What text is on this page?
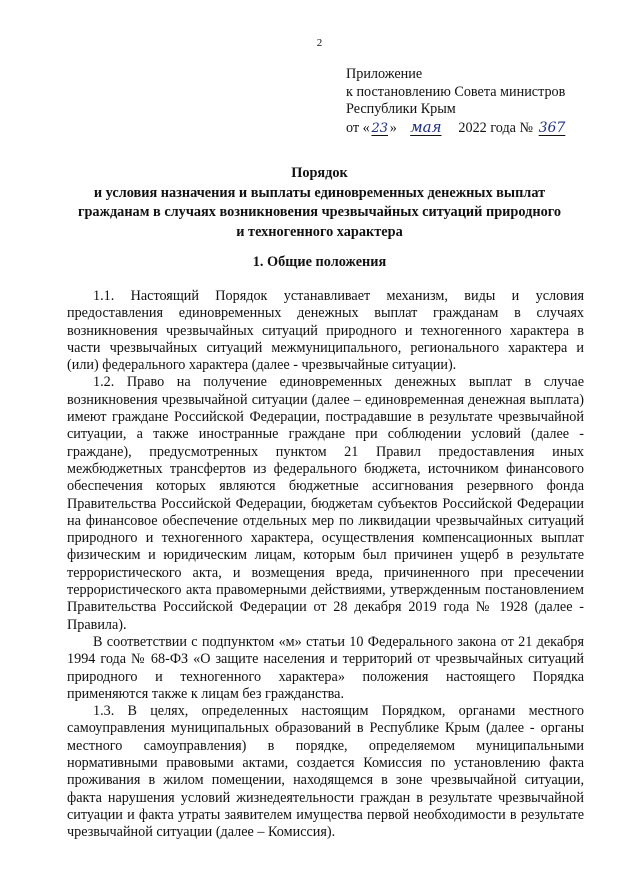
2
Приложение
к постановлению Совета министров
Республики Крым
от « 23 » мая 2022 года № 367
Порядок
и условия назначения и выплаты единовременных денежных выплат
гражданам в случаях возникновения чрезвычайных ситуаций природного
и техногенного характера
1. Общие положения

1.1. Настоящий Порядок устанавливает механизм, виды и условия предоставления единовременных денежных выплат гражданам в случаях возникновения чрезвычайных ситуаций природного и техногенного характера в части чрезвычайных ситуаций межмуниципального, регионального характера и (или) федерального характера (далее - чрезвычайные ситуации).

1.2. Право на получение единовременных денежных выплат в случае возникновения чрезвычайной ситуации (далее – единовременная денежная выплата) имеют граждане Российской Федерации, пострадавшие в результате чрезвычайной ситуации, а также иностранные граждане при соблюдении условий (далее - граждане), предусмотренных пунктом 21 Правил предоставления иных межбюджетных трансфертов из федерального бюджета, источником финансового обеспечения которых являются бюджетные ассигнования резервного фонда Правительства Российской Федерации, бюджетам субъектов Российской Федерации на финансовое обеспечение отдельных мер по ликвидации чрезвычайных ситуаций природного и техногенного характера, осуществления компенсационных выплат физическим и юридическим лицам, которым был причинен ущерб в результате террористического акта, и возмещения вреда, причиненного при пресечении террористического акта правомерными действиями, утвержденным постановлением Правительства Российской Федерации от 28 декабря 2019 года № 1928 (далее - Правила).

В соответствии с подпунктом «м» статьи 10 Федерального закона от 21 декабря 1994 года № 68-ФЗ «О защите населения и территорий от чрезвычайных ситуаций природного и техногенного характера» положения настоящего Порядка применяются также к лицам без гражданства.

1.3. В целях, определенных настоящим Порядком, органами местного самоуправления муниципальных образований в Республике Крым (далее - органы местного самоуправления) в порядке, определяемом муниципальными нормативными правовыми актами, создается Комиссия по установлению факта проживания в жилом помещении, находящемся в зоне чрезвычайной ситуации, факта нарушения условий жизнедеятельности граждан в результате чрезвычайной ситуации и факта утраты заявителем имущества первой необходимости в результате чрезвычайной ситуации (далее – Комиссия).
